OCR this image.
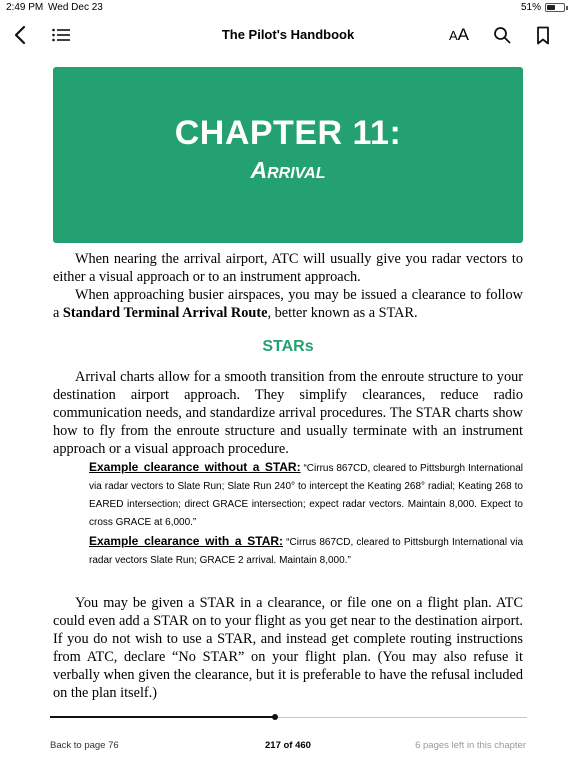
2:49 PM Wed Dec 23	51%
The Pilot's Handbook	A A
CHAPTER 11:
Arrival

When nearing the arrival airport, ATC will usually give you radar vectors to either a visual approach or to an instrument approach.

When approaching busier airspaces, you may be issued a clearance to follow a Standard Terminal Arrival Route, better known as a STAR.

STARs

Arrival charts allow for a smooth transition from the enroute structure to your destination airport approach. They simplify clearances, reduce radio communication needs, and standardize arrival procedures. The STAR charts show how to fly from the enroute structure and usually terminate with an instrument approach or a visual approach procedure.

Example clearance without a STAR: “Cirrus 867CD, cleared to Pittsburgh International via radar vectors to Slate Run; Slate Run 240° to intercept the Keating 268° radial; Keating 268 to EARED intersection; direct GRACE intersection; expect radar vectors. Maintain 8,000. Expect to cross GRACE at 6,000.”

Example clearance with a STAR: “Cirrus 867CD, cleared to Pittsburgh International via radar vectors Slate Run; GRACE 2 arrival. Maintain 8,000.”

You may be given a STAR in a clearance, or file one on a flight plan. ATC could even add a STAR on to your flight as you get near to the destination airport. If you do not wish to use a STAR, and instead get complete routing instructions from ATC, declare “No STAR” on your flight plan. (You may also refuse it verbally when given the clearance, but it is preferable to have the refusal included on the plan itself.)

Back to page 76	217 of 460	6 pages left in this chapter
